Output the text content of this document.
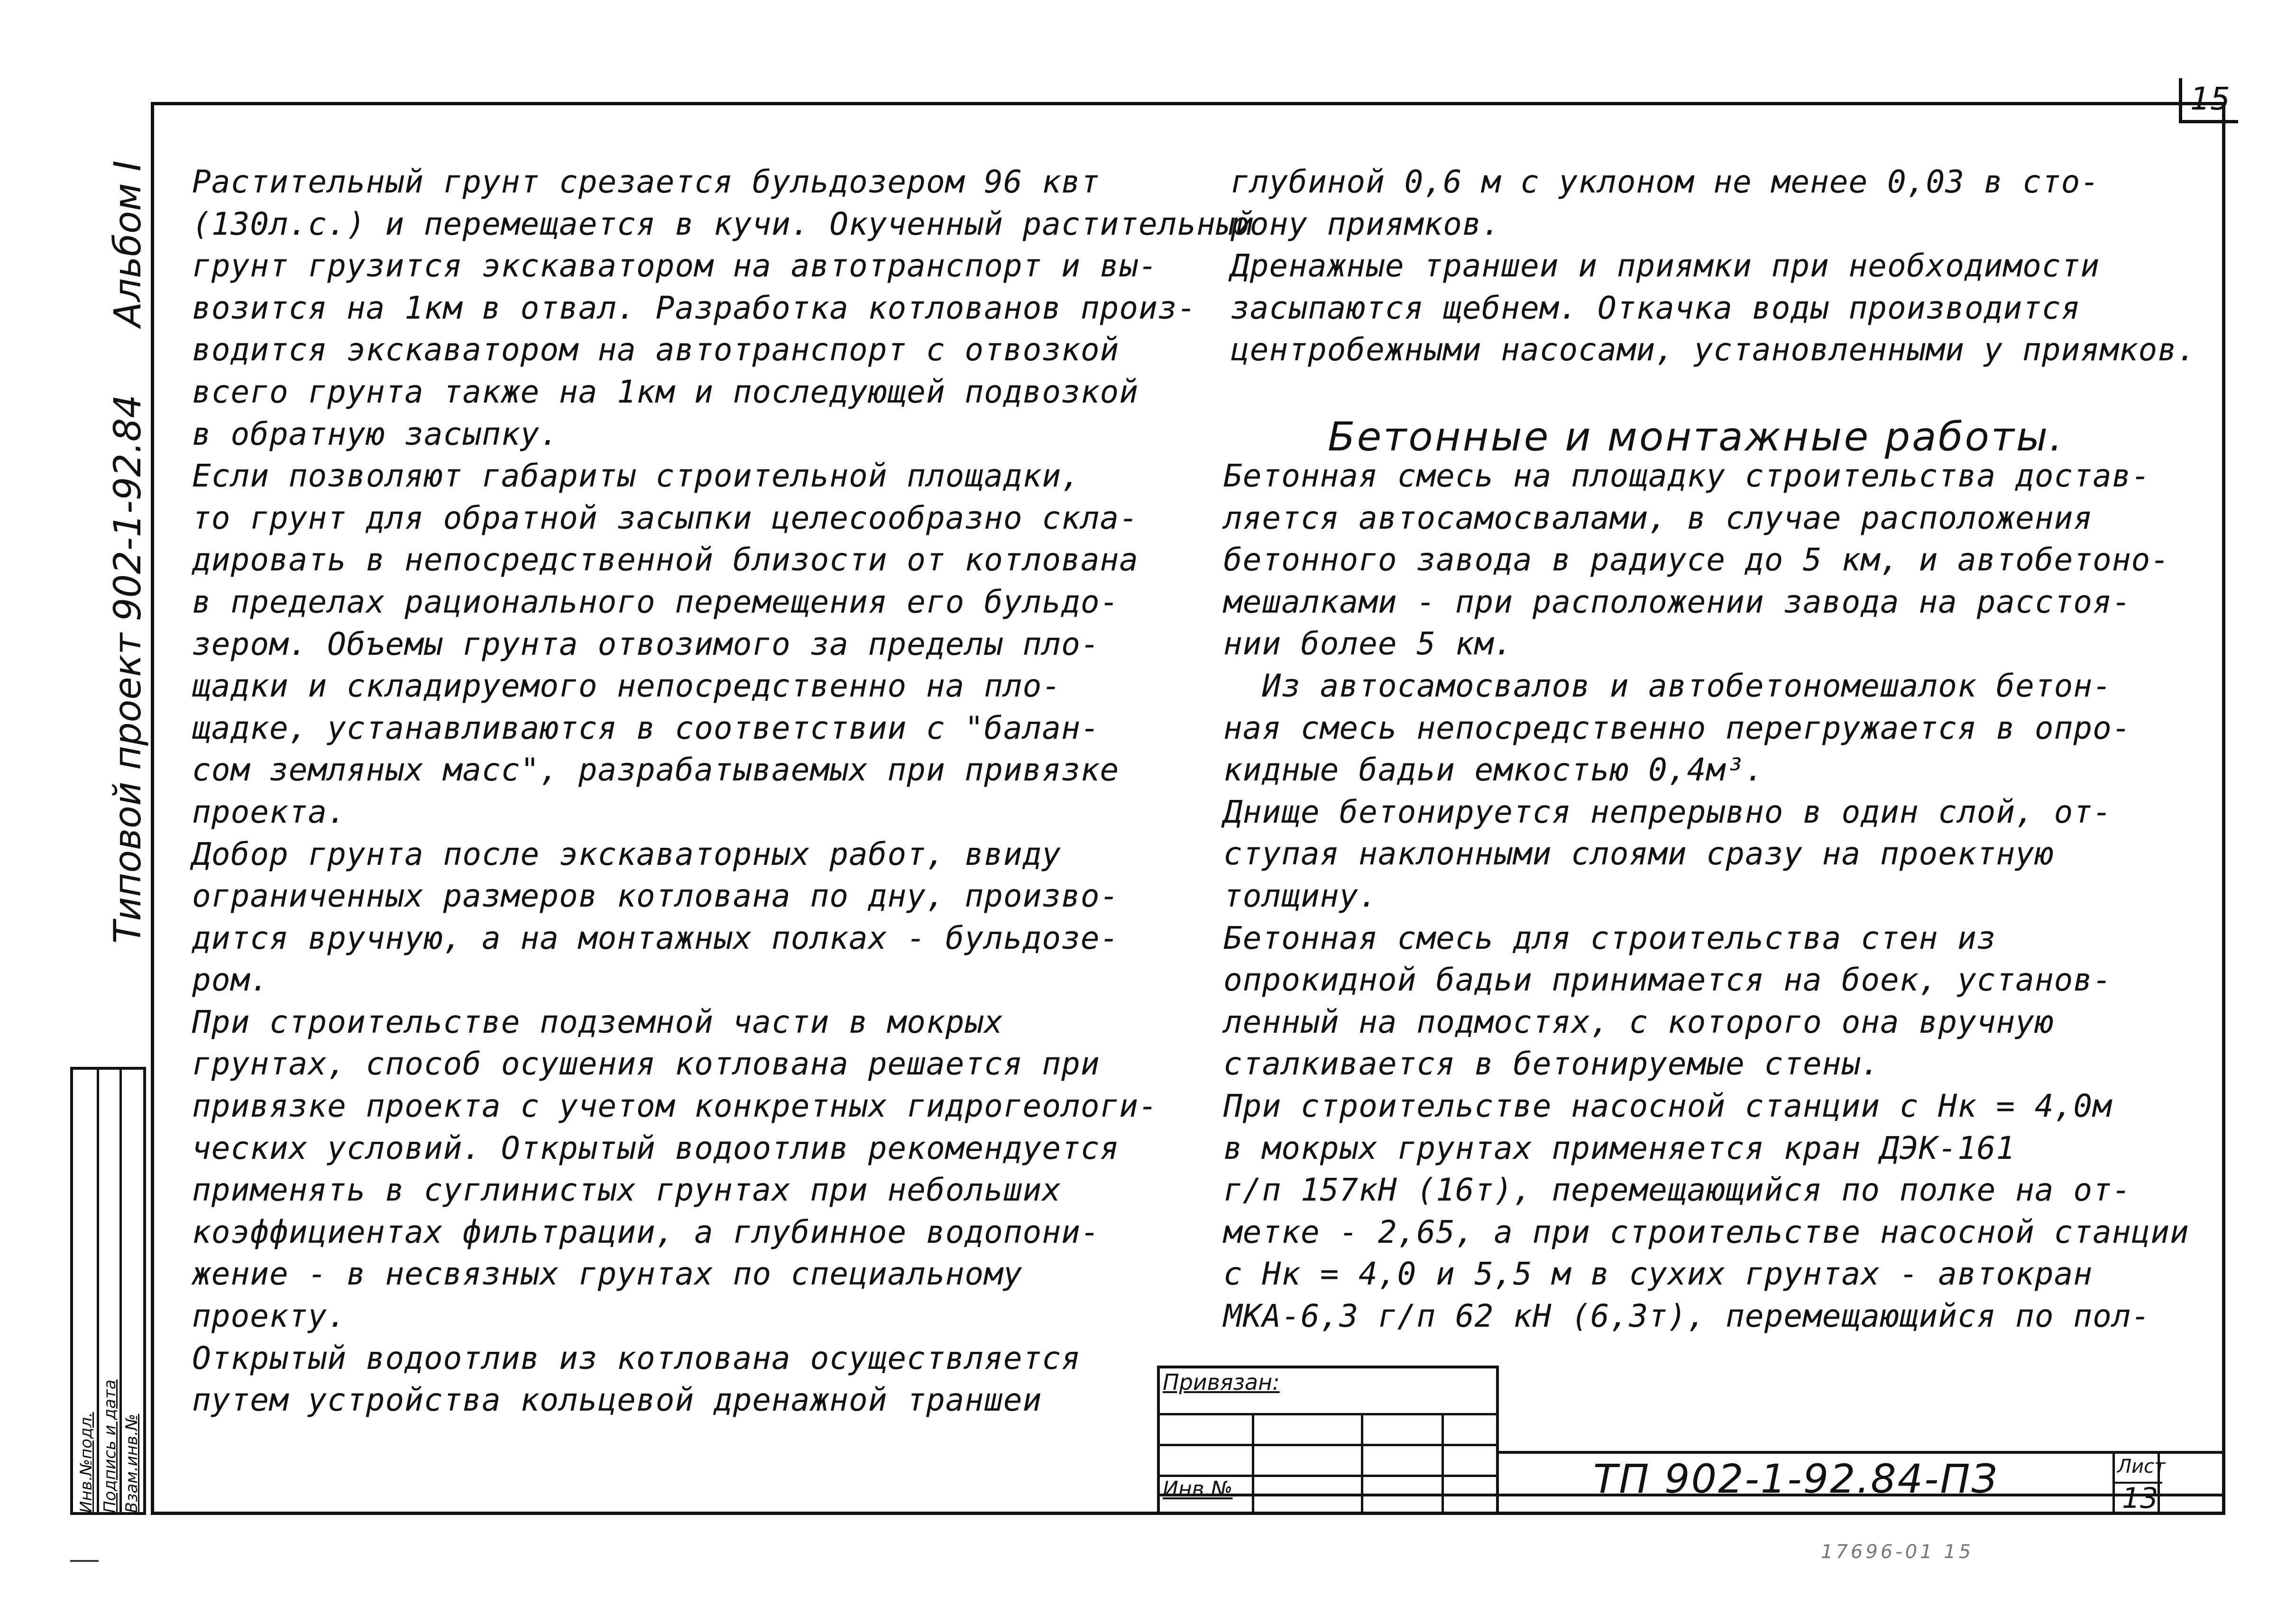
15
Типовой проект 902-1-92.84
Альбом I
Инв.№подл. Подпись и дата Взам.инв.№
Растительный грунт срезается бульдозером 96 квт
(130л.с.) и перемещается в кучи. Окученный растительный
грунт грузится экскаватором на автотранспорт и вы-
возится на 1км в отвал. Разработка котлованов произ-
водится экскаватором на автотранспорт с отвозкой
всего грунта также на 1км и последующей подвозкой
в обратную засыпку.
Если позволяют габариты строительной площадки,
то грунт для обратной засыпки целесообразно скла-
дировать в непосредственной близости от котлована
в пределах рационального перемещения его бульдо-
зером. Объемы грунта отвозимого за пределы пло-
щадки и складируемого непосредственно на пло-
щадке, устанавливаются в соответствии с "балан-
сом земляных масс", разрабатываемых при привязке
проекта.
Добор грунта после экскаваторных работ, ввиду
ограниченных размеров котлована по дну, произво-
дится вручную, а на монтажных полках - бульдозе-
ром.
При строительстве подземной части в мокрых
грунтах, способ осушения котлована решается при
привязке проекта с учетом конкретных гидрогеологи-
ческих условий. Открытый водоотлив рекомендуется
применять в суглинистых грунтах при небольших
коэффициентах фильтрации, а глубинное водопони-
жение - в несвязных грунтах по специальному
проекту.
Открытый водоотлив из котлована осуществляется
путем устройства кольцевой дренажной траншеи
глубиной 0,6 м с уклоном не менее 0,03 в сто-
рону приямков.
Дренажные траншеи и приямки при необходимости
засыпаются щебнем. Откачка воды производится
центробежными насосами, установленными у приямков.
Бетонные и монтажные работы.
Бетонная смесь на площадку строительства достав-
ляется автосамосвалами, в случае расположения
бетонного завода в радиусе до 5 км, и автобетоно-
мешалками - при расположении завода на расстоя-
нии более 5 км.
Из автосамосвалов и автобетономешалок бетон-
ная смесь непосредственно перегружается в опро-
кидные бадьи емкостью 0,4м³.
Днище бетонируется непрерывно в один слой, от-
ступая наклонными слоями сразу на проектную
толщину.
Бетонная смесь для строительства стен из
опрокидной бадьи принимается на боек, установ-
ленный на подмостях, с которого она вручную
сталкивается в бетонируемые стены.
При строительстве насосной станции с Нк = 4,0м
в мокрых грунтах применяется кран ДЭК-161
г/п 157кН (16т), перемещающийся по полке на от-
метке - 2,65, а при строительстве насосной станции
с Нк = 4,0 и 5,5 м в сухих грунтах - автокран
МКА-6,3 г/п 62 кН (6,3т), перемещающийся по пол-
Привязан:
Инв.№	ТП 902-1-92.84-ПЗ	Лист
13
17696-01 15
